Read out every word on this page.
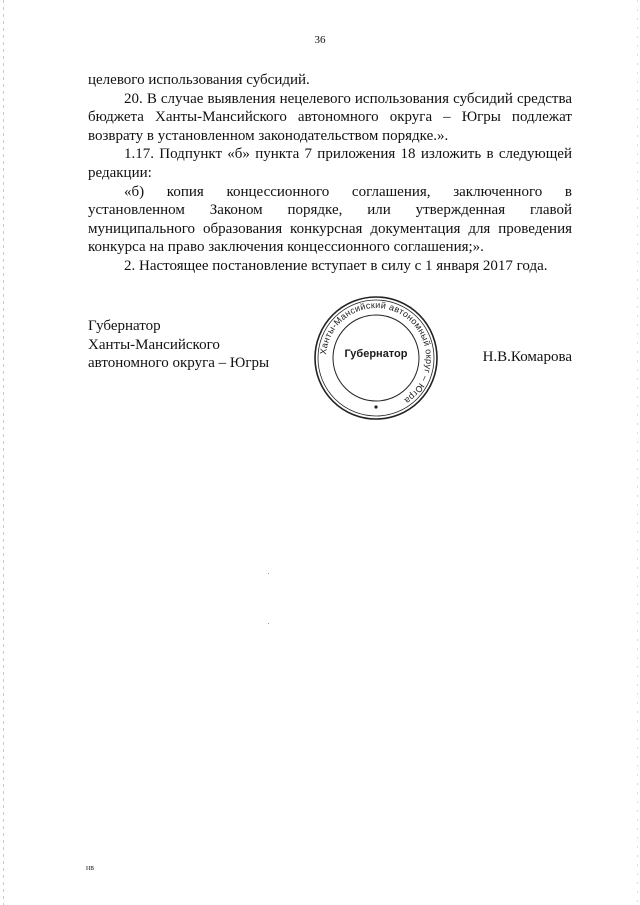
36

целевого использования субсидий.

20. В случае выявления нецелевого использования субсидий средства бюджета Ханты-Мансийского автономного округа – Югры подлежат возврату в установленном законодательством порядке.».

1.17. Подпункт «б» пункта 7 приложения 18 изложить в следующей редакции:

«б) копия концессионного соглашения, заключенного в установленном Законом порядке, или утвержденная главой муниципального образования конкурсная документация для проведения конкурса на право заключения концессионного соглашения;».

2. Настоящее постановление вступает в силу с 1 января 2017 года.

Губернатор
Ханты-Мансийского
автономного округа – Югры
Ханты-Мансийский автономный округ – Югра
Губернатор	Н.В.Комарова
нв
